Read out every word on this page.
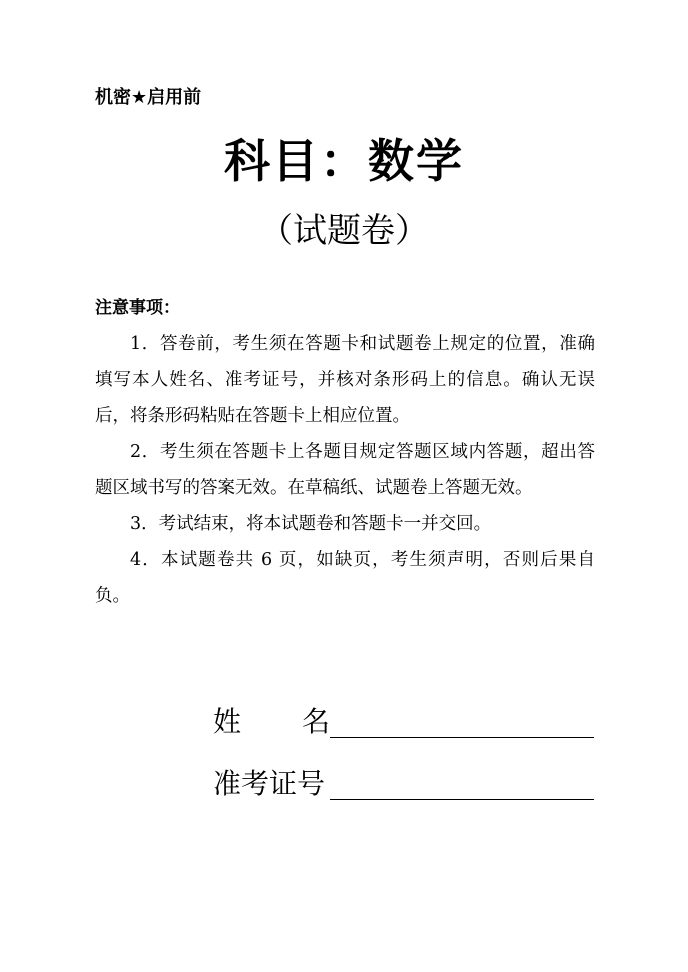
机密★启用前
科目：数学
（试题卷）
注意事项：

1．答卷前，考生须在答题卡和试题卷上规定的位置，准确填写本人姓名、准考证号，并核对条形码上的信息。确认无误后，将条形码粘贴在答题卡上相应位置。

2．考生须在答题卡上各题目规定答题区域内答题，超出答题区域书写的答案无效。在草稿纸、试题卷上答题无效。

3．考试结束，将本试题卷和答题卡一并交回。

4．本试题卷共 6 页，如缺页，考生须声明，否则后果自负。

姓名
准考证号
